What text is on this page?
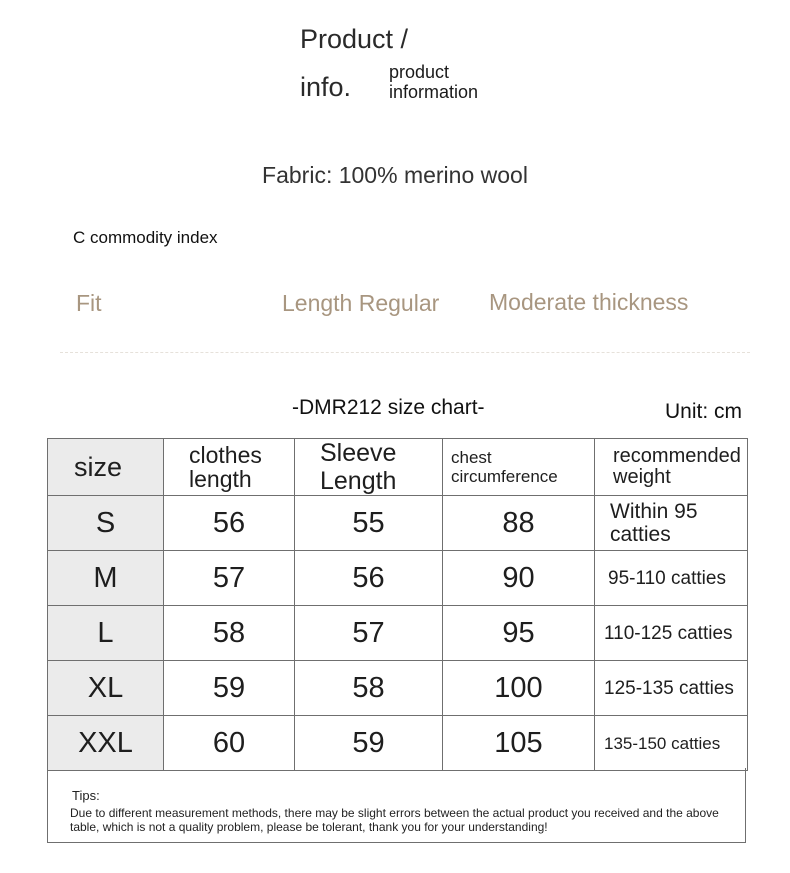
Product /
info. product information
Fabric: 100% merino wool
C commodity index
Fit	Length Regular Moderate thickness
-DMR212 size chart-	Unit: cm
size	clothes length	Sleeve Length	chest circumference	recommended weight
S	56	55	88	Within 95 catties
M	57	56	90	95-110 catties
L	58	57	95	110-125 catties
XL	59	58	100	125-135 catties
XXL	60	59	105	135-150 catties
Tips:
Due to different measurement methods, there may be slight errors between the actual product you received and the above table, which is not a quality problem, please be tolerant, thank you for your understanding!
